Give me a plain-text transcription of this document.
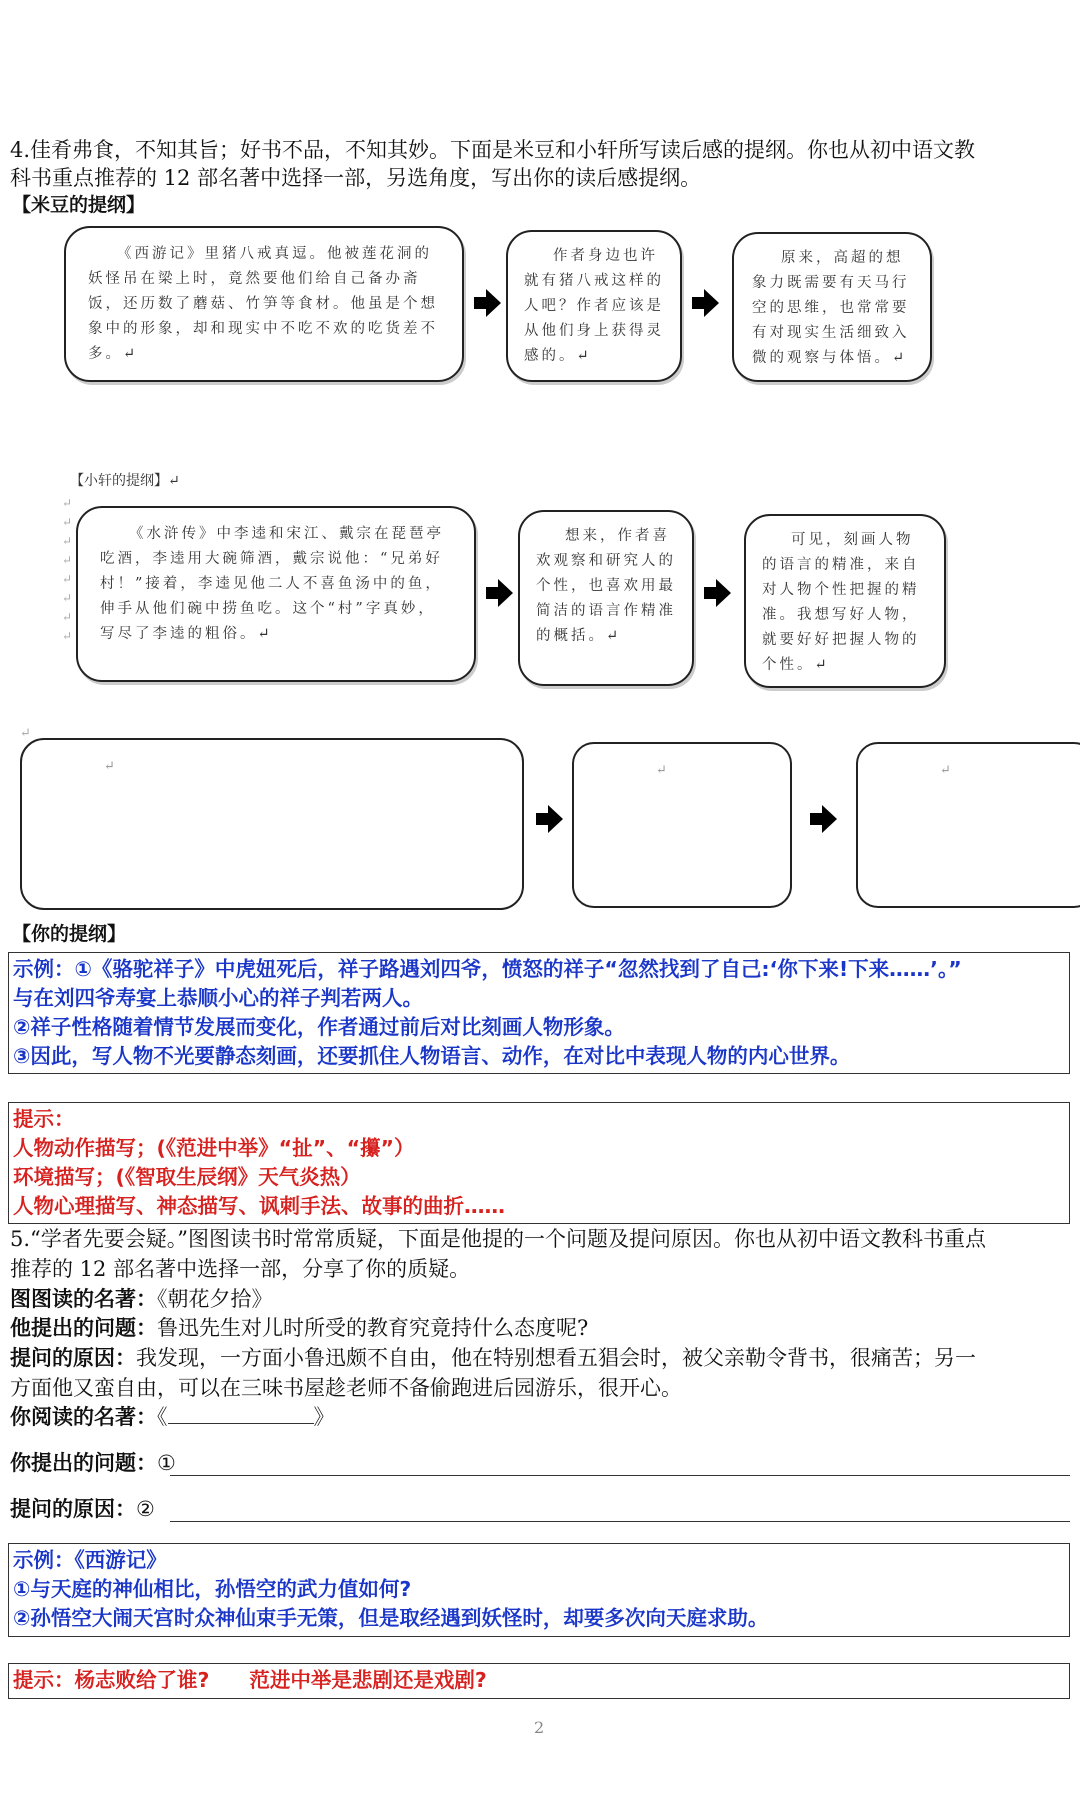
4.佳肴弗食，不知其旨；好书不品，不知其妙。下面是米豆和小轩所写读后感的提纲。你也从初中语文教
科书重点推荐的 12 部名著中选择一部，另选角度，写出你的读后感提纲。
【米豆的提纲】

《西游记》里猪八戒真逗。他被莲花洞的妖怪吊在梁上时，竟然要他们给自己备办斋饭，还历数了蘑菇、竹笋等食材。他虽是个想象中的形象，却和现实中不吃不欢的吃货差不多。↵

作者身边也许就有猪八戒这样的人吧？作者应该是从他们身上获得灵感的。↵

原来，高超的想象力既需要有天马行空的思维，也常常要有对现实生活细致入微的观察与体悟。↵

【小轩的提纲】↵
↵
↵
↵
↵
↵
↵
↵
↵

《水浒传》中李逵和宋江、戴宗在琵琶亭吃酒，李逵用大碗筛酒，戴宗说他：“兄弟好村！”接着，李逵见他二人不喜鱼汤中的鱼，伸手从他们碗中捞鱼吃。这个“村”字真妙，写尽了李逵的粗俗。↵

想来，作者喜欢观察和研究人的个性，也喜欢用最简洁的语言作精准的概括。↵

可见，刻画人物的语言的精准，来自对人物个性把握的精准。我想写好人物，就要好好把握人物的个性。↵

↵
↵	↵	↵
【你的提纲】
示例：①《骆驼祥子》中虎妞死后，祥子路遇刘四爷，愤怒的祥子“忽然找到了自己:‘你下来!下来……’。”
与在刘四爷寿宴上恭顺小心的祥子判若两人。
②祥子性格随着情节发展而变化，作者通过前后对比刻画人物形象。
③因此，写人物不光要静态刻画，还要抓住人物语言、动作，在对比中表现人物的内心世界。
提示：
人物动作描写；(《范进中举》“扯”、“攥”）
环境描写；(《智取生辰纲》天气炎热）
人物心理描写、神态描写、讽刺手法、故事的曲折……
5.“学者先要会疑。”图图读书时常常质疑，下面是他提的一个问题及提问原因。你也从初中语文教科书重点
推荐的 12 部名著中选择一部，分享了你的质疑。
图图读的名著：《朝花夕拾》
他提出的问题：鲁迅先生对儿时所受的教育究竟持什么态度呢?
提问的原因：我发现，一方面小鲁迅颇不自由，他在特别想看五猖会时，被父亲勒令背书，很痛苦；另一
方面他又蛮自由，可以在三味书屋趁老师不备偷跑进后园游乐，很开心。
你阅读的名著：《	》
你提出的问题：①
提问的原因：②
示例：《西游记》
①与天庭的神仙相比，孙悟空的武力值如何?
②孙悟空大闹天宫时众神仙束手无策，但是取经遇到妖怪时，却要多次向天庭求助。
提示：杨志败给了谁? 范进中举是悲剧还是戏剧?
2
